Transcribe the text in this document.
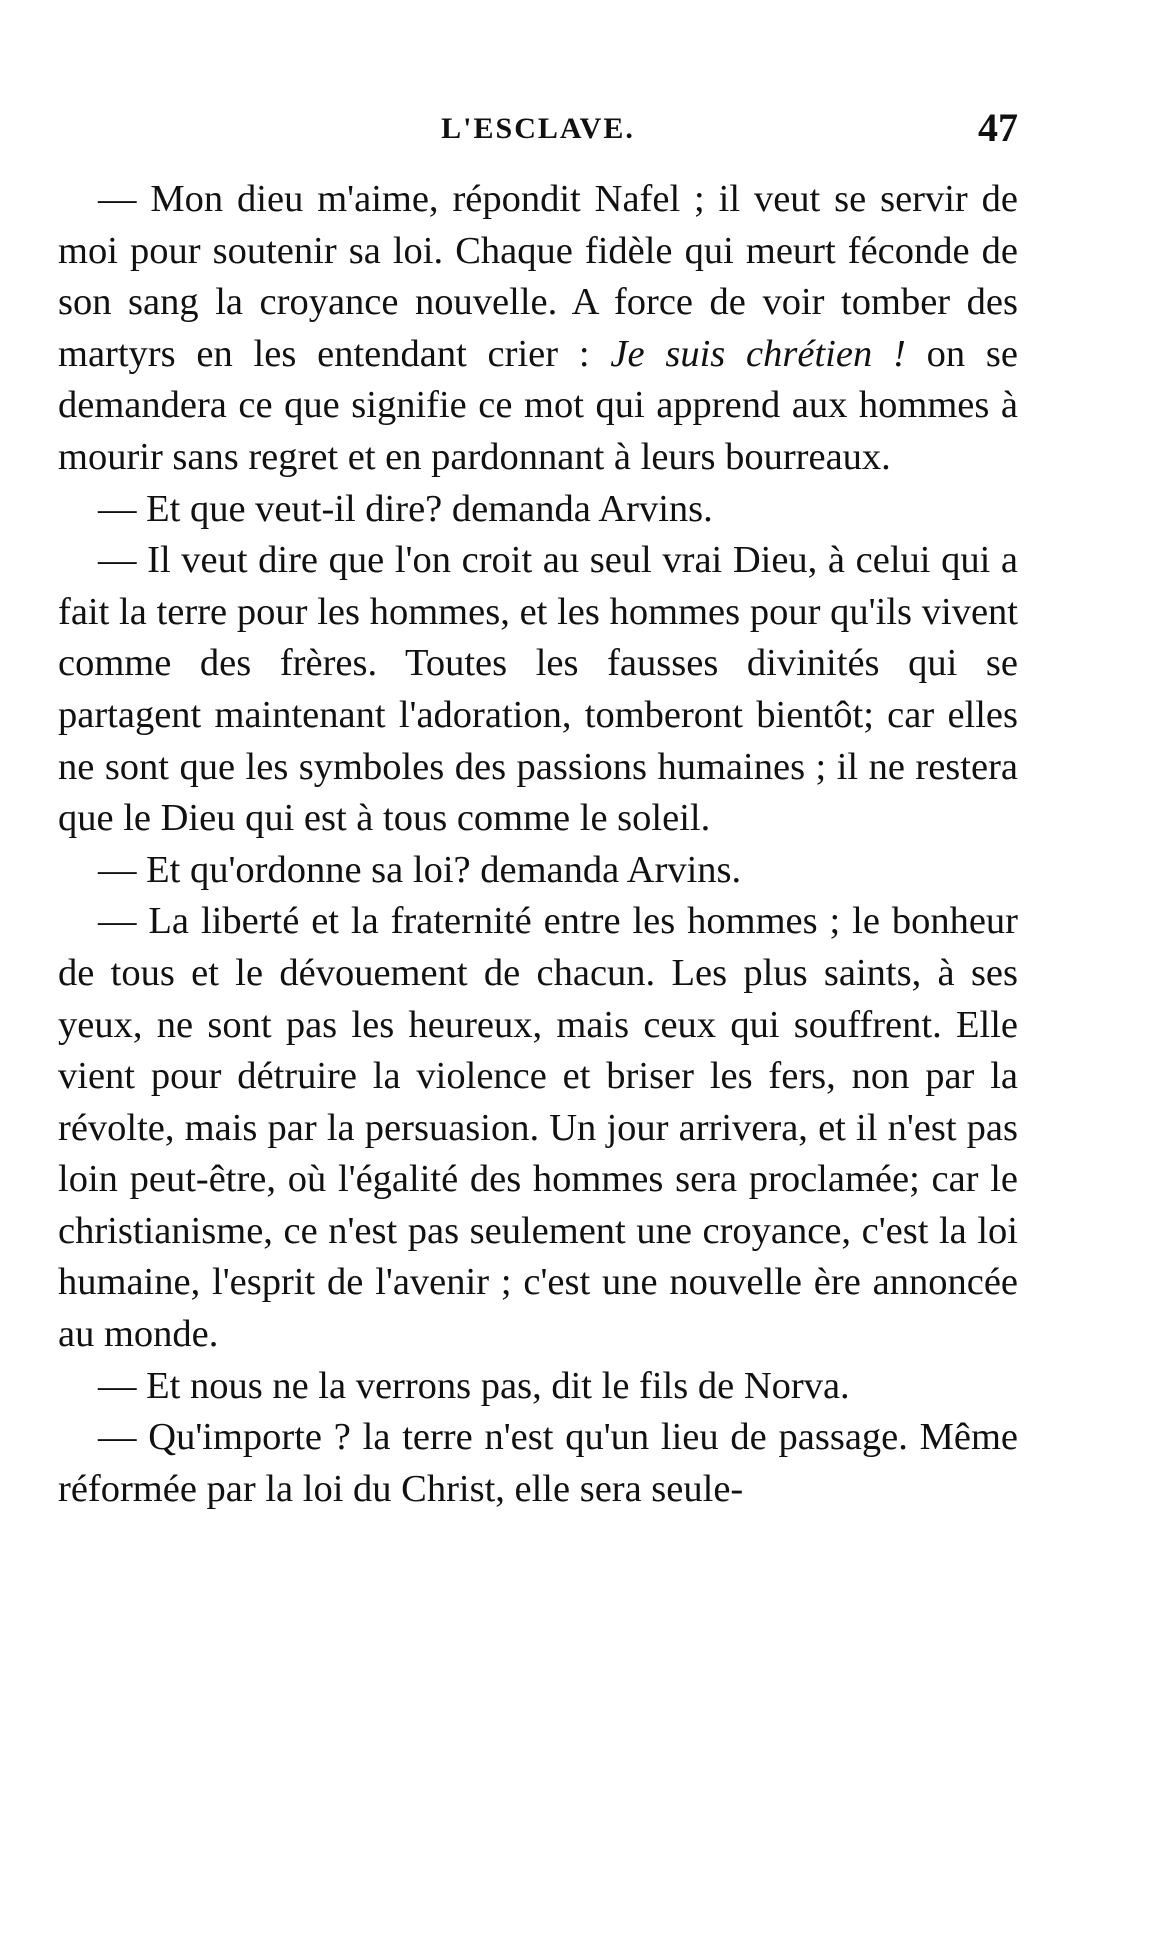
L'ESCLAVE.	47

— Mon dieu m'aime, répondit Nafel ; il veut se servir de moi pour soutenir sa loi. Chaque fidèle qui meurt féconde de son sang la croyance nouvelle. A force de voir tomber des martyrs en les entendant crier : Je suis chrétien ! on se demandera ce que signifie ce mot qui apprend aux hommes à mourir sans regret et en pardonnant à leurs bourreaux.

— Et que veut-il dire? demanda Arvins.

— Il veut dire que l'on croit au seul vrai Dieu, à celui qui a fait la terre pour les hommes, et les hommes pour qu'ils vivent comme des frères. Toutes les fausses divinités qui se partagent maintenant l'adoration, tomberont bientôt; car elles ne sont que les symboles des passions humaines ; il ne restera que le Dieu qui est à tous comme le soleil.

— Et qu'ordonne sa loi? demanda Arvins.

— La liberté et la fraternité entre les hommes ; le bonheur de tous et le dévouement de chacun. Les plus saints, à ses yeux, ne sont pas les heureux, mais ceux qui souffrent. Elle vient pour détruire la violence et briser les fers, non par la révolte, mais par la persuasion. Un jour arrivera, et il n'est pas loin peut-être, où l'égalité des hommes sera proclamée; car le christianisme, ce n'est pas seulement une croyance, c'est la loi humaine, l'esprit de l'avenir ; c'est une nouvelle ère annoncée au monde.

— Et nous ne la verrons pas, dit le fils de Norva.

— Qu'importe ? la terre n'est qu'un lieu de passage. Même réformée par la loi du Christ, elle sera seule-
